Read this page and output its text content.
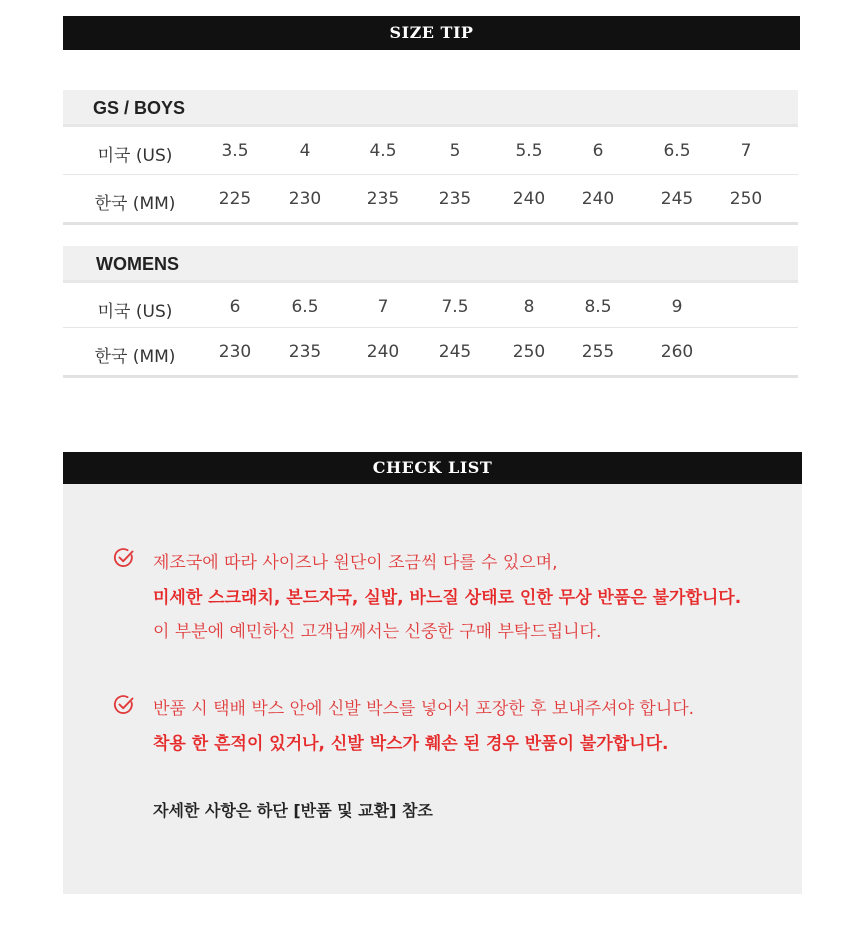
SIZE TIP
GS / BOYS
미국 (US)	3.5	4	4.5	5	5.5	6	6.5	7
한국 (MM)	225	230	235	235	240	240	245	250
WOMENS
미국 (US)	6	6.5	7	7.5	8	8.5	9
한국 (MM)	230	235	240	245	250	255	260
CHECK LIST
제조국에 따라 사이즈나 원단이 조금씩 다를 수 있으며,
미세한 스크래치, 본드자국, 실밥, 바느질 상태로 인한 무상 반품은 불가합니다.
이 부분에 예민하신 고객님께서는 신중한 구매 부탁드립니다.
반품 시 택배 박스 안에 신발 박스를 넣어서 포장한 후 보내주셔야 합니다.
착용 한 흔적이 있거나, 신발 박스가 훼손 된 경우 반품이 불가합니다.
자세한 사항은 하단 [반품 및 교환] 참조
